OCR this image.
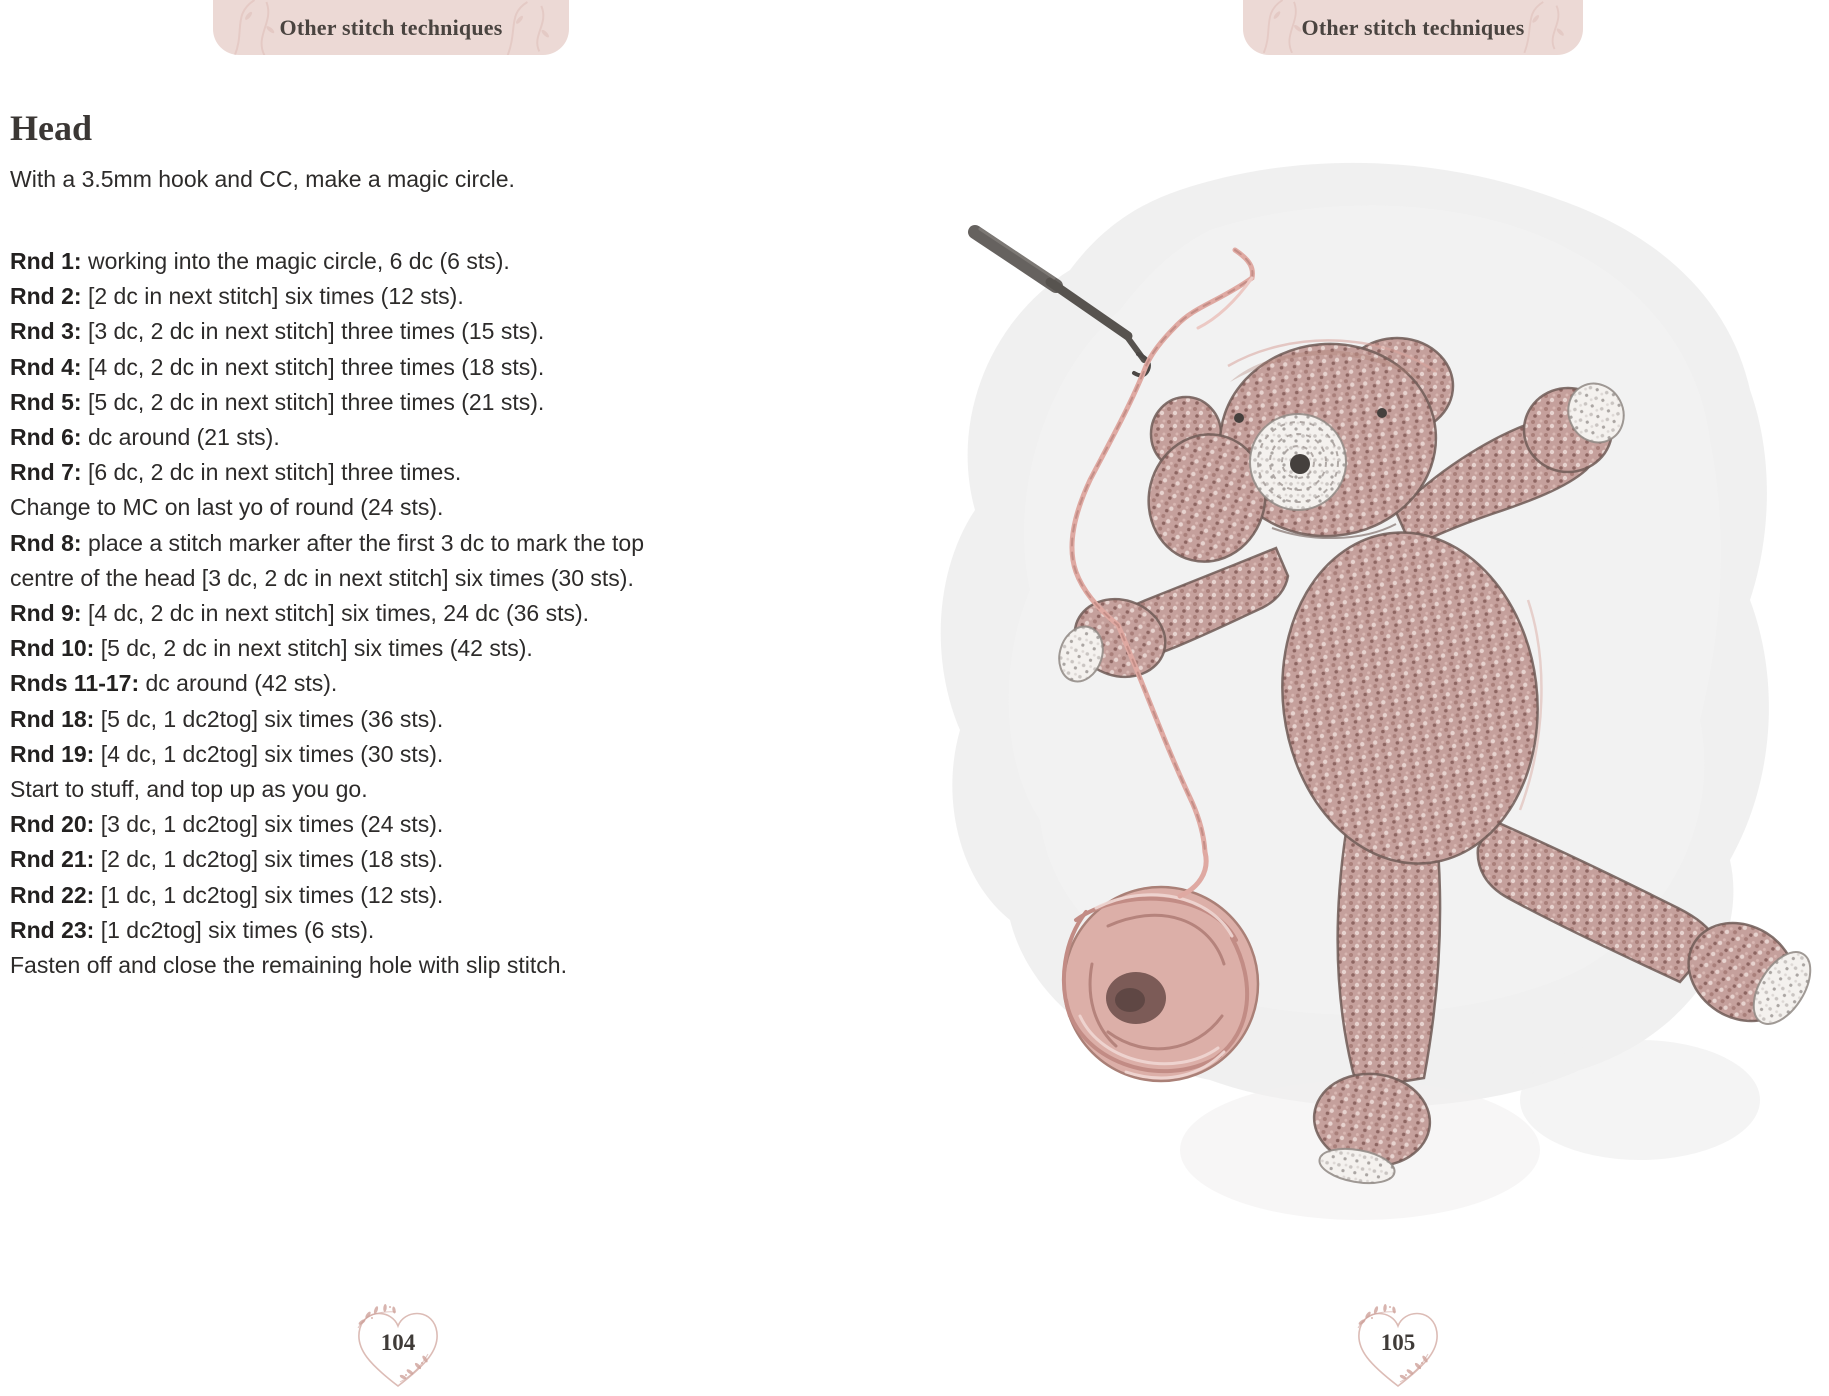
Other stitch techniques	Other stitch techniques
Head

With a 3.5mm hook and CC, make a magic circle.

Rnd 1: working into the magic circle, 6 dc (6 sts).

Rnd 2: [2 dc in next stitch] six times (12 sts).

Rnd 3: [3 dc, 2 dc in next stitch] three times (15 sts).

Rnd 4: [4 dc, 2 dc in next stitch] three times (18 sts).

Rnd 5: [5 dc, 2 dc in next stitch] three times (21 sts).

Rnd 6: dc around (21 sts).

Rnd 7: [6 dc, 2 dc in next stitch] three times.

Change to MC on last yo of round (24 sts).

Rnd 8: place a stitch marker after the first 3 dc to mark the top centre of the head [3 dc, 2 dc in next stitch] six times (30 sts).

Rnd 9: [4 dc, 2 dc in next stitch] six times, 24 dc (36 sts).

Rnd 10: [5 dc, 2 dc in next stitch] six times (42 sts).

Rnds 11-17: dc around (42 sts).

Rnd 18: [5 dc, 1 dc2tog] six times (36 sts).

Rnd 19: [4 dc, 1 dc2tog] six times (30 sts).

Start to stuff, and top up as you go.

Rnd 20: [3 dc, 1 dc2tog] six times (24 sts).

Rnd 21: [2 dc, 1 dc2tog] six times (18 sts).

Rnd 22: [1 dc, 1 dc2tog] six times (12 sts).

Rnd 23: [1 dc2tog] six times (6 sts).

Fasten off and close the remaining hole with slip stitch.

104	105
